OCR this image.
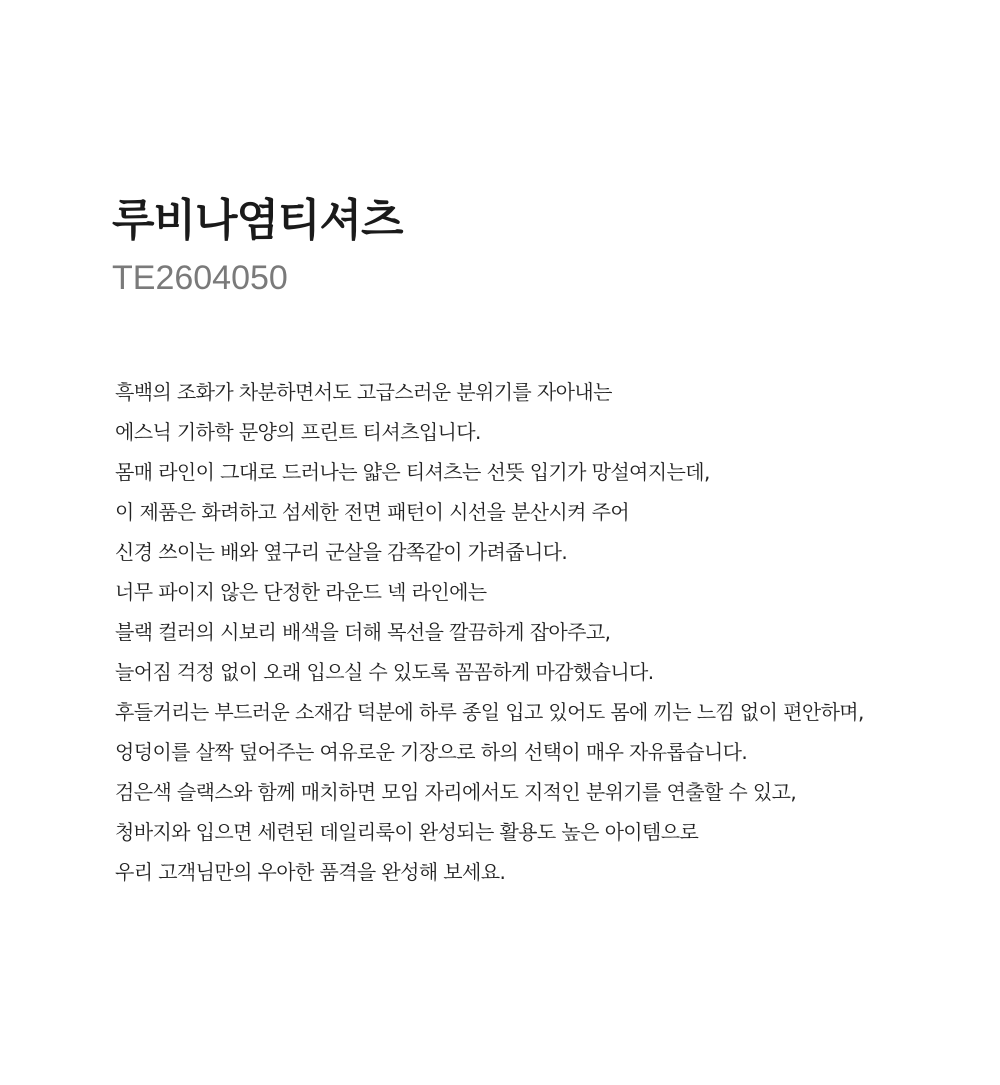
루비나염티셔츠

TE2604050

흑백의 조화가 차분하면서도 고급스러운 분위기를 자아내는
에스닉 기하학 문양의 프린트 티셔츠입니다.
몸매 라인이 그대로 드러나는 얇은 티셔츠는 선뜻 입기가 망설여지는데,
이 제품은 화려하고 섬세한 전면 패턴이 시선을 분산시켜 주어
신경 쓰이는 배와 옆구리 군살을 감쪽같이 가려줍니다.
너무 파이지 않은 단정한 라운드 넥 라인에는
블랙 컬러의 시보리 배색을 더해 목선을 깔끔하게 잡아주고,
늘어짐 걱정 없이 오래 입으실 수 있도록 꼼꼼하게 마감했습니다.
후들거리는 부드러운 소재감 덕분에 하루 종일 입고 있어도 몸에 끼는 느낌 없이 편안하며,
엉덩이를 살짝 덮어주는 여유로운 기장으로 하의 선택이 매우 자유롭습니다.
검은색 슬랙스와 함께 매치하면 모임 자리에서도 지적인 분위기를 연출할 수 있고,
청바지와 입으면 세련된 데일리룩이 완성되는 활용도 높은 아이템으로
우리 고객님만의 우아한 품격을 완성해 보세요.
